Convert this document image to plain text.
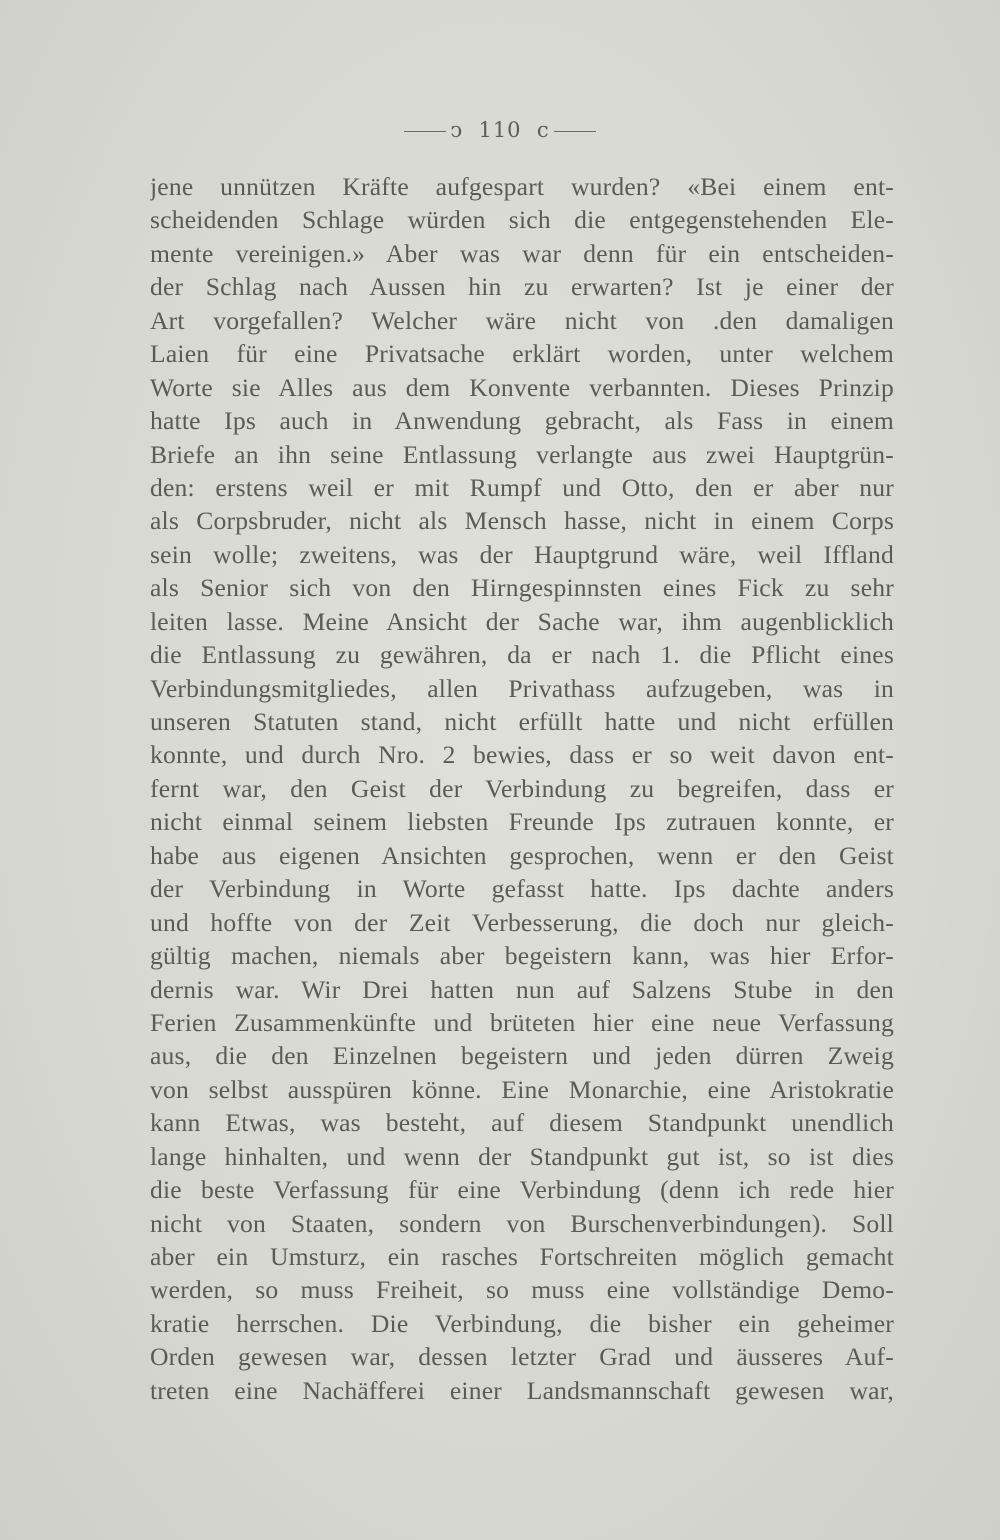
ↄ 110 c
jene unnützen Kräfte aufgespart wurden? «Bei einem ent-
scheidenden Schlage würden sich die entgegenstehenden Ele-
mente vereinigen.» Aber was war denn für ein entscheiden-
der Schlag nach Aussen hin zu erwarten? Ist je einer der
Art vorgefallen? Welcher wäre nicht von .den damaligen
Laien für eine Privatsache erklärt worden, unter welchem
Worte sie Alles aus dem Konvente verbannten. Dieses Prinzip
hatte Ips auch in Anwendung gebracht, als Fass in einem
Briefe an ihn seine Entlassung verlangte aus zwei Hauptgrün-
den: erstens weil er mit Rumpf und Otto, den er aber nur
als Corpsbruder, nicht als Mensch hasse, nicht in einem Corps
sein wolle; zweitens, was der Hauptgrund wäre, weil Iffland
als Senior sich von den Hirngespinnsten eines Fick zu sehr
leiten lasse. Meine Ansicht der Sache war, ihm augenblicklich
die Entlassung zu gewähren, da er nach 1. die Pflicht eines
Verbindungsmitgliedes, allen Privathass aufzugeben, was in
unseren Statuten stand, nicht erfüllt hatte und nicht erfüllen
konnte, und durch Nro. 2 bewies, dass er so weit davon ent-
fernt war, den Geist der Verbindung zu begreifen, dass er
nicht einmal seinem liebsten Freunde Ips zutrauen konnte, er
habe aus eigenen Ansichten gesprochen, wenn er den Geist
der Verbindung in Worte gefasst hatte. Ips dachte anders
und hoffte von der Zeit Verbesserung, die doch nur gleich-
gültig machen, niemals aber begeistern kann, was hier Erfor-
dernis war. Wir Drei hatten nun auf Salzens Stube in den
Ferien Zusammenkünfte und brüteten hier eine neue Verfassung
aus, die den Einzelnen begeistern und jeden dürren Zweig
von selbst ausspüren könne. Eine Monarchie, eine Aristokratie
kann Etwas, was besteht, auf diesem Standpunkt unendlich
lange hinhalten, und wenn der Standpunkt gut ist, so ist dies
die beste Verfassung für eine Verbindung (denn ich rede hier
nicht von Staaten, sondern von Burschenverbindungen). Soll
aber ein Umsturz, ein rasches Fortschreiten möglich gemacht
werden, so muss Freiheit, so muss eine vollständige Demo-
kratie herrschen. Die Verbindung, die bisher ein geheimer
Orden gewesen war, dessen letzter Grad und äusseres Auf-
treten eine Nachäfferei einer Landsmannschaft gewesen war,
